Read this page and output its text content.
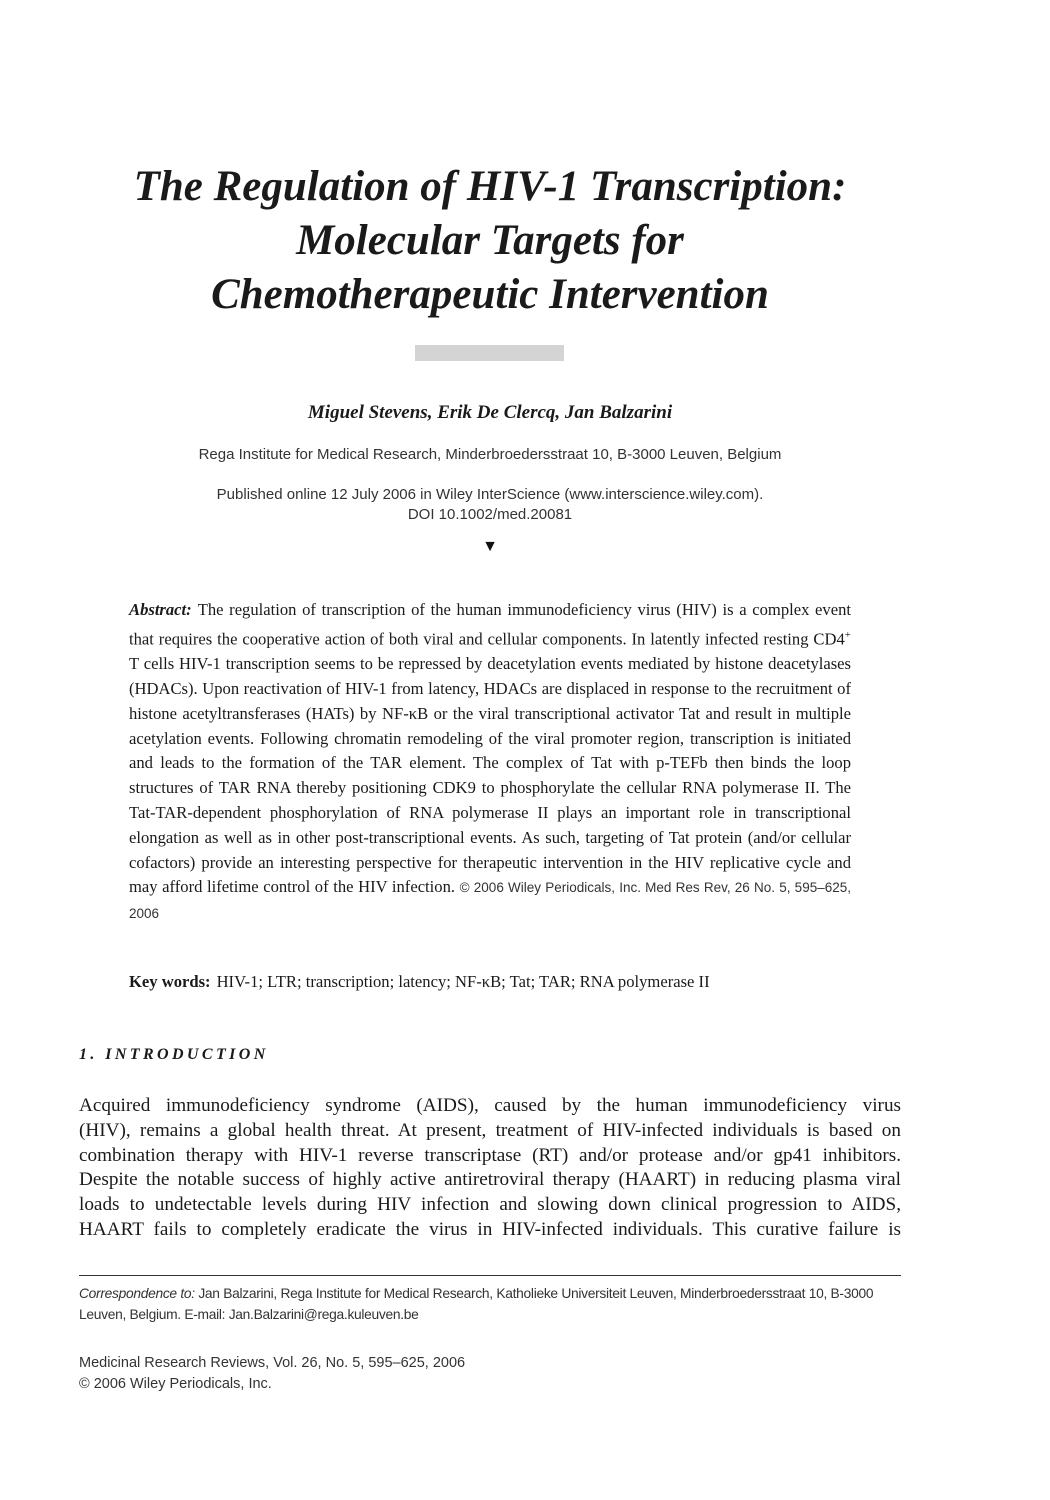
The Regulation of HIV-1 Transcription:
Molecular Targets for
Chemotherapeutic Intervention
Miguel Stevens, Erik De Clercq, Jan Balzarini
Rega Institute for Medical Research, Minderbroedersstraat 10, B-3000 Leuven, Belgium
Published online 12 July 2006 in Wiley InterScience (www.interscience.wiley.com).
DOI 10.1002/med.20081
▼
Abstract: The regulation of transcription of the human immunodeficiency virus (HIV) is a complex event that requires the cooperative action of both viral and cellular components. In latently infected resting CD4+ T cells HIV-1 transcription seems to be repressed by deacetylation events mediated by histone deacetylases (HDACs). Upon reactivation of HIV-1 from latency, HDACs are displaced in response to the recruitment of histone acetyltransferases (HATs) by NF-κB or the viral transcriptional activator Tat and result in multiple acetylation events. Following chromatin remodeling of the viral promoter region, transcription is initiated and leads to the formation of the TAR element. The complex of Tat with p-TEFb then binds the loop structures of TAR RNA thereby positioning CDK9 to phosphorylate the cellular RNA polymerase II. The Tat-TAR-dependent phosphorylation of RNA polymerase II plays an important role in transcriptional elongation as well as in other post-transcriptional events. As such, targeting of Tat protein (and/or cellular cofactors) provide an interesting perspective for therapeutic intervention in the HIV replicative cycle and may afford lifetime control of the HIV infection. © 2006 Wiley Periodicals, Inc. Med Res Rev, 26 No. 5, 595–625, 2006
Key words: HIV-1; LTR; transcription; latency; NF-κB; Tat; TAR; RNA polymerase II
1. INTRODUCTION
Acquired immunodeficiency syndrome (AIDS), caused by the human immunodeficiency virus
(HIV), remains a global health threat. At present, treatment of HIV-infected individuals is based on
combination therapy with HIV-1 reverse transcriptase (RT) and/or protease and/or gp41 inhibitors.
Despite the notable success of highly active antiretroviral therapy (HAART) in reducing plasma viral
loads to undetectable levels during HIV infection and slowing down clinical progression to AIDS,
HAART fails to completely eradicate the virus in HIV-infected individuals. This curative failure is
Correspondence to: Jan Balzarini, Rega Institute for Medical Research, Katholieke Universiteit Leuven, Minderbroedersstraat 10, B-3000 Leuven, Belgium. E-mail: Jan.Balzarini@rega.kuleuven.be
Medicinal Research Reviews, Vol. 26, No. 5, 595–625, 2006
© 2006 Wiley Periodicals, Inc.
